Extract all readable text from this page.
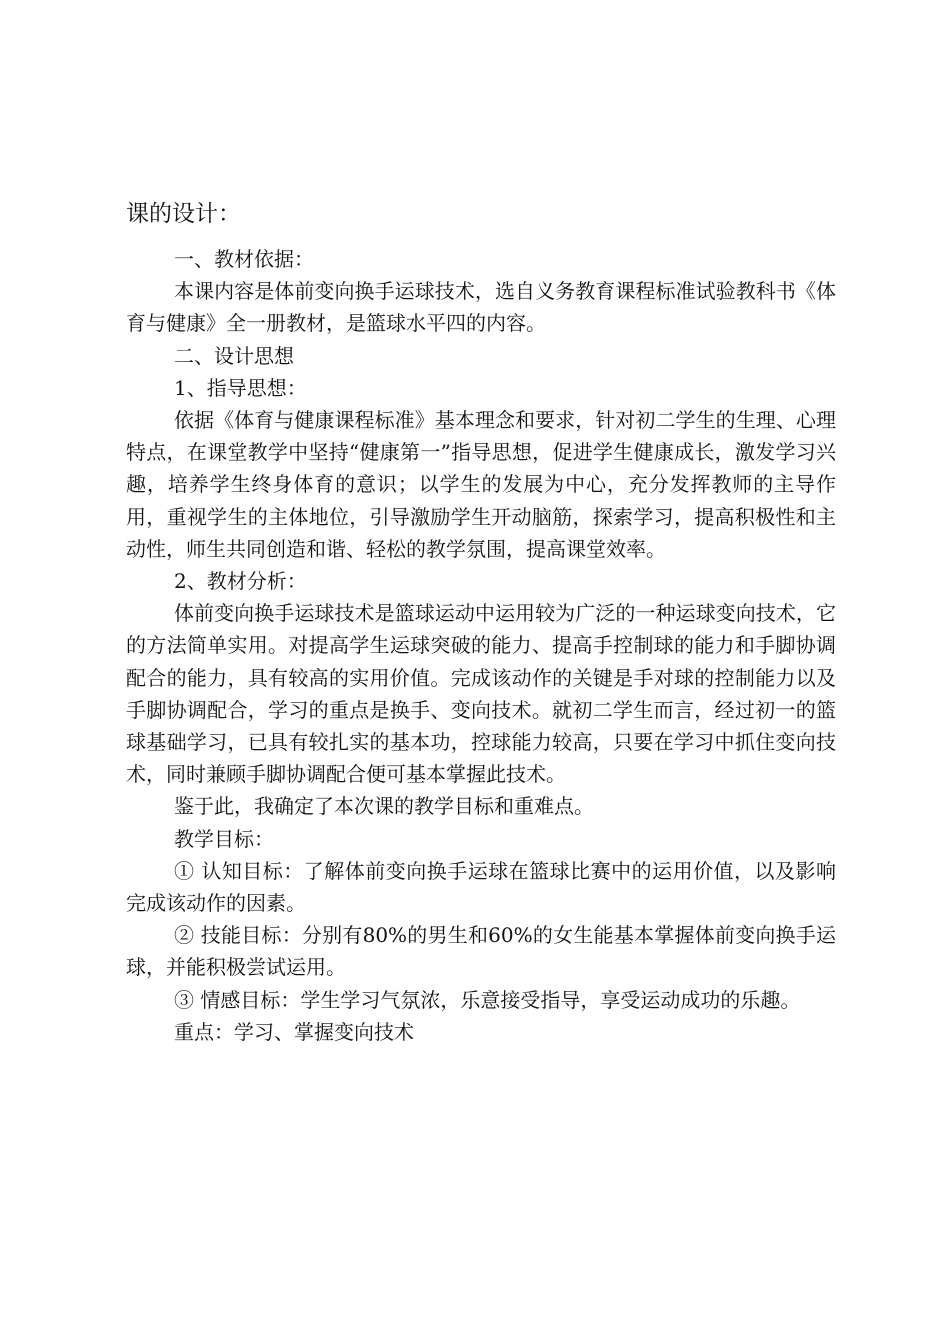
课的设计：

一、教材依据：

本课内容是体前变向换手运球技术，选自义务教育课程标准试验教科书《体育与健康》全一册教材，是篮球水平四的内容。

二、设计思想

1、指导思想：

依据《体育与健康课程标准》基本理念和要求，针对初二学生的生理、心理特点，在课堂教学中坚持“健康第一”指导思想，促进学生健康成长，激发学习兴趣，培养学生终身体育的意识；以学生的发展为中心，充分发挥教师的主导作用，重视学生的主体地位，引导激励学生开动脑筋，探索学习，提高积极性和主动性，师生共同创造和谐、轻松的教学氛围，提高课堂效率。

2、教材分析：

体前变向换手运球技术是篮球运动中运用较为广泛的一种运球变向技术，它的方法简单实用。对提高学生运球突破的能力、提高手控制球的能力和手脚协调配合的能力，具有较高的实用价值。完成该动作的关键是手对球的控制能力以及手脚协调配合，学习的重点是换手、变向技术。就初二学生而言，经过初一的篮球基础学习，已具有较扎实的基本功，控球能力较高，只要在学习中抓住变向技术，同时兼顾手脚协调配合便可基本掌握此技术。

鉴于此，我确定了本次课的教学目标和重难点。

教学目标：

① 认知目标：了解体前变向换手运球在篮球比赛中的运用价值，以及影响完成该动作的因素。

② 技能目标：分别有80%的男生和60%的女生能基本掌握体前变向换手运球，并能积极尝试运用。

③ 情感目标：学生学习气氛浓，乐意接受指导，享受运动成功的乐趣。

重点：学习、掌握变向技术
